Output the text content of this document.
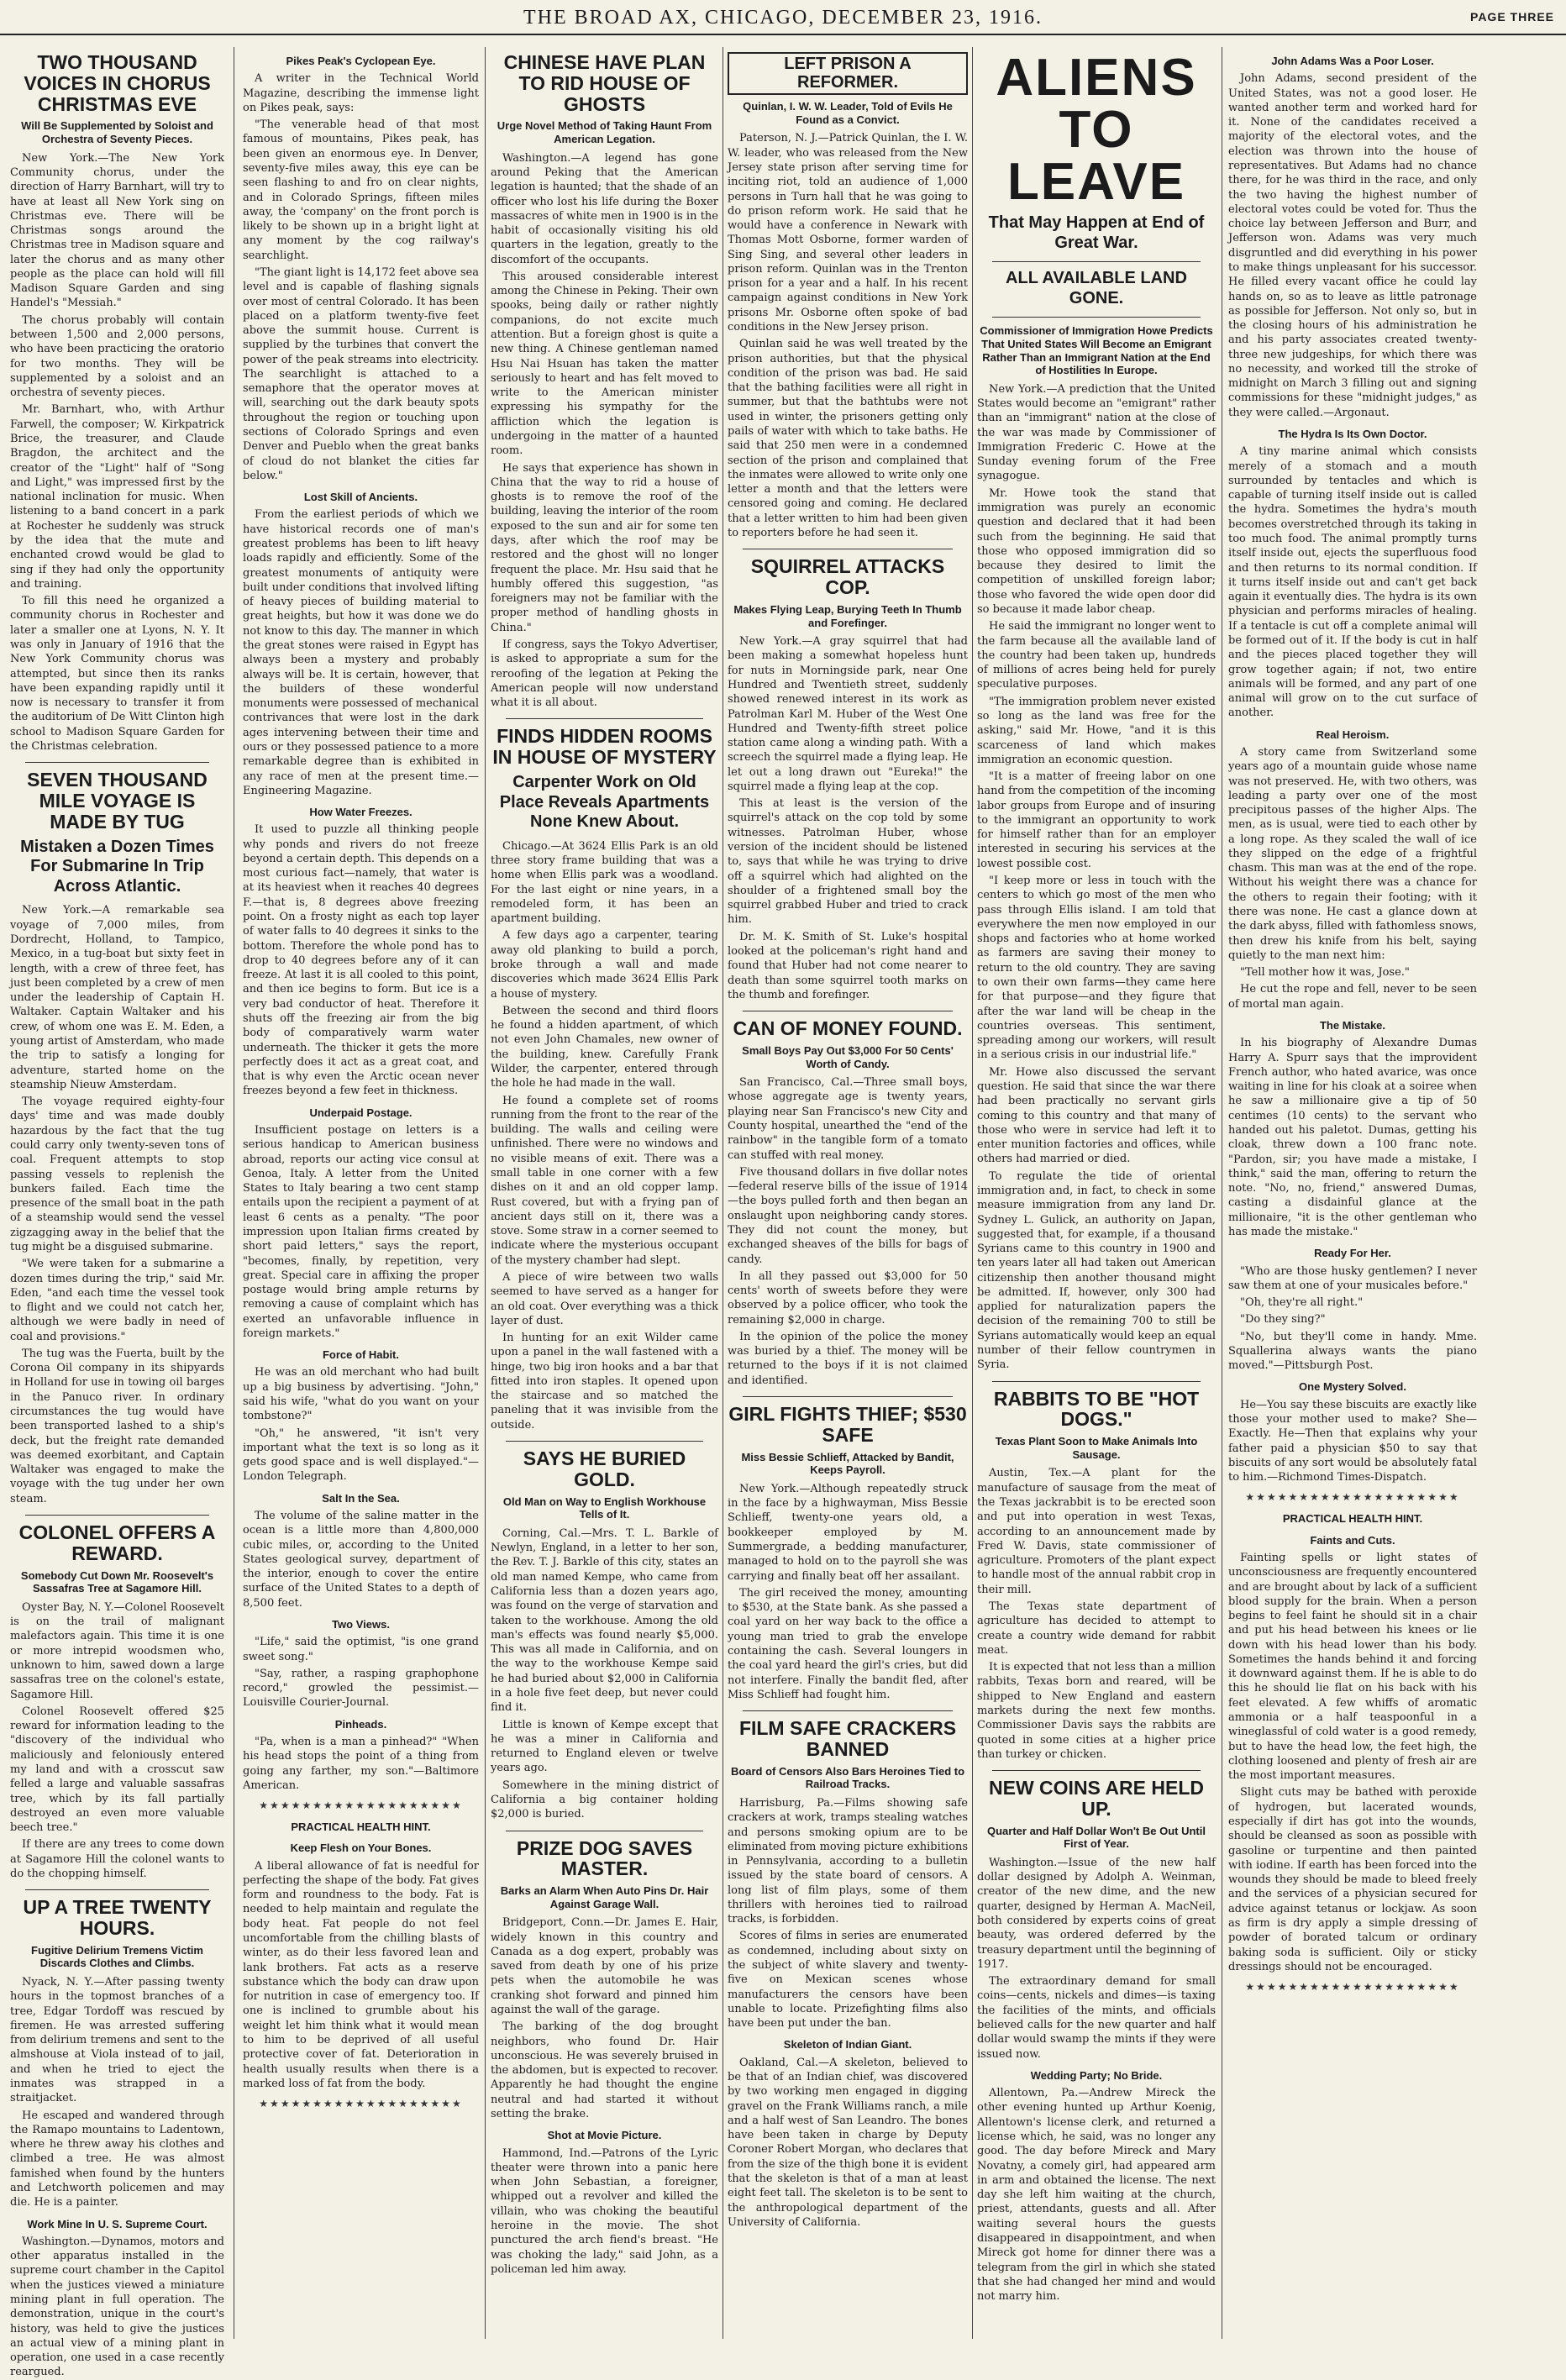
THE BROAD AX, CHICAGO, DECEMBER 23, 1916.	PAGE THREE
TWO THOUSAND VOICES IN CHORUS CHRISTMAS EVE
Will Be Supplemented by Soloist and Orchestra of Seventy Pieces.

New York.—The New York Community chorus, under the direction of Harry Barnhart, will try to have at least all New York sing on Christmas eve. There will be Christmas songs around the Christmas tree in Madison square and later the chorus and as many other people as the place can hold will fill Madison Square Garden and sing Handel's "Messiah."

The chorus probably will contain between 1,500 and 2,000 persons, who have been practicing the oratorio for two months. They will be supplemented by a soloist and an orchestra of seventy pieces.

Mr. Barnhart, who, with Arthur Farwell, the composer; W. Kirkpatrick Brice, the treasurer, and Claude Bragdon, the architect and the creator of the "Light" half of "Song and Light," was impressed first by the national inclination for music. When listening to a band concert in a park at Rochester he suddenly was struck by the idea that the mute and enchanted crowd would be glad to sing if they had only the opportunity and training.

To fill this need he organized a community chorus in Rochester and later a smaller one at Lyons, N. Y. It was only in January of 1916 that the New York Community chorus was attempted, but since then its ranks have been expanding rapidly until it now is necessary to transfer it from the auditorium of De Witt Clinton high school to Madison Square Garden for the Christmas celebration.

SEVEN THOUSAND MILE VOYAGE IS MADE BY TUG
Mistaken a Dozen Times For Submarine In Trip Across Atlantic.

New York.—A remarkable sea voyage of 7,000 miles, from Dordrecht, Holland, to Tampico, Mexico, in a tug-boat but sixty feet in length, with a crew of three feet, has just been completed by a crew of men under the leadership of Captain H. Waltaker. Captain Waltaker and his crew, of whom one was E. M. Eden, a young artist of Amsterdam, who made the trip to satisfy a longing for adventure, started home on the steamship Nieuw Amsterdam.

The voyage required eighty-four days' time and was made doubly hazardous by the fact that the tug could carry only twenty-seven tons of coal. Frequent attempts to stop passing vessels to replenish the bunkers failed. Each time the presence of the small boat in the path of a steamship would send the vessel zigzagging away in the belief that the tug might be a disguised submarine.

"We were taken for a submarine a dozen times during the trip," said Mr. Eden, "and each time the vessel took to flight and we could not catch her, although we were badly in need of coal and provisions."

The tug was the Fuerta, built by the Corona Oil company in its shipyards in Holland for use in towing oil barges in the Panuco river. In ordinary circumstances the tug would have been transported lashed to a ship's deck, but the freight rate demanded was deemed exorbitant, and Captain Waltaker was engaged to make the voyage with the tug under her own steam.

COLONEL OFFERS A REWARD.
Somebody Cut Down Mr. Roosevelt's Sassafras Tree at Sagamore Hill.

Oyster Bay, N. Y.—Colonel Roosevelt is on the trail of malignant malefactors again. This time it is one or more intrepid woodsmen who, unknown to him, sawed down a large sassafras tree on the colonel's estate, Sagamore Hill.

Colonel Roosevelt offered $25 reward for information leading to the "discovery of the individual who maliciously and feloniously entered my land and with a crosscut saw felled a large and valuable sassafras tree, which by its fall partially destroyed an even more valuable beech tree."

If there are any trees to come down at Sagamore Hill the colonel wants to do the chopping himself.

UP A TREE TWENTY HOURS.
Fugitive Delirium Tremens Victim Discards Clothes and Climbs.

Nyack, N. Y.—After passing twenty hours in the topmost branches of a tree, Edgar Tordoff was rescued by firemen. He was arrested suffering from delirium tremens and sent to the almshouse at Viola instead of to jail, and when he tried to eject the inmates was strapped in a straitjacket.

He escaped and wandered through the Ramapo mountains to Ladentown, where he threw away his clothes and climbed a tree. He was almost famished when found by the hunters and Letchworth policemen and may die. He is a painter.

Work Mine In U. S. Supreme Court.

Washington.—Dynamos, motors and other apparatus installed in the supreme court chamber in the Capitol when the justices viewed a miniature mining plant in full operation. The demonstration, unique in the court's history, was held to give the justices an actual view of a mining plant in operation, one used in a case recently reargued.

Pikes Peak's Cyclopean Eye.

A writer in the Technical World Magazine, describing the immense light on Pikes peak, says:

"The venerable head of that most famous of mountains, Pikes peak, has been given an enormous eye. In Denver, seventy-five miles away, this eye can be seen flashing to and fro on clear nights, and in Colorado Springs, fifteen miles away, the 'company' on the front porch is likely to be shown up in a bright light at any moment by the cog railway's searchlight.

"The giant light is 14,172 feet above sea level and is capable of flashing signals over most of central Colorado. It has been placed on a platform twenty-five feet above the summit house. Current is supplied by the turbines that convert the power of the peak streams into electricity. The searchlight is attached to a semaphore that the operator moves at will, searching out the dark beauty spots throughout the region or touching upon sections of Colorado Springs and even Denver and Pueblo when the great banks of cloud do not blanket the cities far below."

Lost Skill of Ancients.

From the earliest periods of which we have historical records one of man's greatest problems has been to lift heavy loads rapidly and efficiently. Some of the greatest monuments of antiquity were built under conditions that involved lifting of heavy pieces of building material to great heights, but how it was done we do not know to this day. The manner in which the great stones were raised in Egypt has always been a mystery and probably always will be. It is certain, however, that the builders of these wonderful monuments were possessed of mechanical contrivances that were lost in the dark ages intervening between their time and ours or they possessed patience to a more remarkable degree than is exhibited in any race of men at the present time.—Engineering Magazine.

How Water Freezes.

It used to puzzle all thinking people why ponds and rivers do not freeze beyond a certain depth. This depends on a most curious fact—namely, that water is at its heaviest when it reaches 40 degrees F.—that is, 8 degrees above freezing point. On a frosty night as each top layer of water falls to 40 degrees it sinks to the bottom. Therefore the whole pond has to drop to 40 degrees before any of it can freeze. At last it is all cooled to this point, and then ice begins to form. But ice is a very bad conductor of heat. Therefore it shuts off the freezing air from the big body of comparatively warm water underneath. The thicker it gets the more perfectly does it act as a great coat, and that is why even the Arctic ocean never freezes beyond a few feet in thickness.

Underpaid Postage.

Insufficient postage on letters is a serious handicap to American business abroad, reports our acting vice consul at Genoa, Italy. A letter from the United States to Italy bearing a two cent stamp entails upon the recipient a payment of at least 6 cents as a penalty. "The poor impression upon Italian firms created by short paid letters," says the report, "becomes, finally, by repetition, very great. Special care in affixing the proper postage would bring ample returns by removing a cause of complaint which has exerted an unfavorable influence in foreign markets."

Force of Habit.

He was an old merchant who had built up a big business by advertising. "John," said his wife, "what do you want on your tombstone?"

"Oh," he answered, "it isn't very important what the text is so long as it gets good space and is well displayed."—London Telegraph.

Salt In the Sea.

The volume of the saline matter in the ocean is a little more than 4,800,000 cubic miles, or, according to the United States geological survey, department of the interior, enough to cover the entire surface of the United States to a depth of 8,500 feet.

Two Views.

"Life," said the optimist, "is one grand sweet song."

"Say, rather, a rasping graphophone record," growled the pessimist.—Louisville Courier-Journal.

Pinheads.

"Pa, when is a man a pinhead?" "When his head stops the point of a thing from going any farther, my son."—Baltimore American.

★★★★★★★★★★★★★★★★★★★
PRACTICAL HEALTH HINT.
Keep Flesh on Your Bones.

A liberal allowance of fat is needful for perfecting the shape of the body. Fat gives form and roundness to the body. Fat is needed to help maintain and regulate the body heat. Fat people do not feel uncomfortable from the chilling blasts of winter, as do their less favored lean and lank brothers. Fat acts as a reserve substance which the body can draw upon for nutrition in case of emergency too. If one is inclined to grumble about his weight let him think what it would mean to him to be deprived of all useful protective cover of fat. Deterioration in health usually results when there is a marked loss of fat from the body.

★★★★★★★★★★★★★★★★★★★
CHINESE HAVE PLAN TO RID HOUSE OF GHOSTS
Urge Novel Method of Taking Haunt From American Legation.

Washington.—A legend has gone around Peking that the American legation is haunted; that the shade of an officer who lost his life during the Boxer massacres of white men in 1900 is in the habit of occasionally visiting his old quarters in the legation, greatly to the discomfort of the occupants.

This aroused considerable interest among the Chinese in Peking. Their own spooks, being daily or rather nightly companions, do not excite much attention. But a foreign ghost is quite a new thing. A Chinese gentleman named Hsu Nai Hsuan has taken the matter seriously to heart and has felt moved to write to the American minister expressing his sympathy for the affliction which the legation is undergoing in the matter of a haunted room.

He says that experience has shown in China that the way to rid a house of ghosts is to remove the roof of the building, leaving the interior of the room exposed to the sun and air for some ten days, after which the roof may be restored and the ghost will no longer frequent the place. Mr. Hsu said that he humbly offered this suggestion, "as foreigners may not be familiar with the proper method of handling ghosts in China."

If congress, says the Tokyo Advertiser, is asked to appropriate a sum for the reroofing of the legation at Peking the American people will now understand what it is all about.

FINDS HIDDEN ROOMS IN HOUSE OF MYSTERY
Carpenter Work on Old Place Reveals Apartments None Knew About.

Chicago.—At 3624 Ellis Park is an old three story frame building that was a home when Ellis park was a woodland. For the last eight or nine years, in a remodeled form, it has been an apartment building.

A few days ago a carpenter, tearing away old planking to build a porch, broke through a wall and made discoveries which made 3624 Ellis Park a house of mystery.

Between the second and third floors he found a hidden apartment, of which not even John Chamales, new owner of the building, knew. Carefully Frank Wilder, the carpenter, entered through the hole he had made in the wall.

He found a complete set of rooms running from the front to the rear of the building. The walls and ceiling were unfinished. There were no windows and no visible means of exit. There was a small table in one corner with a few dishes on it and an old copper lamp. Rust covered, but with a frying pan of ancient days still on it, there was a stove. Some straw in a corner seemed to indicate where the mysterious occupant of the mystery chamber had slept.

A piece of wire between two walls seemed to have served as a hanger for an old coat. Over everything was a thick layer of dust.

In hunting for an exit Wilder came upon a panel in the wall fastened with a hinge, two big iron hooks and a bar that fitted into iron staples. It opened upon the staircase and so matched the paneling that it was invisible from the outside.

SAYS HE BURIED GOLD.
Old Man on Way to English Workhouse Tells of It.

Corning, Cal.—Mrs. T. L. Barkle of Newlyn, England, in a letter to her son, the Rev. T. J. Barkle of this city, states an old man named Kempe, who came from California less than a dozen years ago, was found on the verge of starvation and taken to the workhouse. Among the old man's effects was found nearly $5,000. This was all made in California, and on the way to the workhouse Kempe said he had buried about $2,000 in California in a hole five feet deep, but never could find it.

Little is known of Kempe except that he was a miner in California and returned to England eleven or twelve years ago.

Somewhere in the mining district of California a big container holding $2,000 is buried.

PRIZE DOG SAVES MASTER.
Barks an Alarm When Auto Pins Dr. Hair Against Garage Wall.

Bridgeport, Conn.—Dr. James E. Hair, widely known in this country and Canada as a dog expert, probably was saved from death by one of his prize pets when the automobile he was cranking shot forward and pinned him against the wall of the garage.

The barking of the dog brought neighbors, who found Dr. Hair unconscious. He was severely bruised in the abdomen, but is expected to recover. Apparently he had thought the engine neutral and had started it without setting the brake.

Shot at Movie Picture.

Hammond, Ind.—Patrons of the Lyric theater were thrown into a panic here when John Sebastian, a foreigner, whipped out a revolver and killed the villain, who was choking the beautiful heroine in the movie. The shot punctured the arch fiend's breast. "He was choking the lady," said John, as a policeman led him away.

LEFT PRISON A REFORMER.
Quinlan, I. W. W. Leader, Told of Evils He Found as a Convict.

Paterson, N. J.—Patrick Quinlan, the I. W. W. leader, who was released from the New Jersey state prison after serving time for inciting riot, told an audience of 1,000 persons in Turn hall that he was going to do prison reform work. He said that he would have a conference in Newark with Thomas Mott Osborne, former warden of Sing Sing, and several other leaders in prison reform. Quinlan was in the Trenton prison for a year and a half. In his recent campaign against conditions in New York prisons Mr. Osborne often spoke of bad conditions in the New Jersey prison.

Quinlan said he was well treated by the prison authorities, but that the physical condition of the prison was bad. He said that the bathing facilities were all right in summer, but that the bathtubs were not used in winter, the prisoners getting only pails of water with which to take baths. He said that 250 men were in a condemned section of the prison and complained that the inmates were allowed to write only one letter a month and that the letters were censored going and coming. He declared that a letter written to him had been given to reporters before he had seen it.

SQUIRREL ATTACKS COP.
Makes Flying Leap, Burying Teeth In Thumb and Forefinger.

New York.—A gray squirrel that had been making a somewhat hopeless hunt for nuts in Morningside park, near One Hundred and Twentieth street, suddenly showed renewed interest in its work as Patrolman Karl M. Huber of the West One Hundred and Twenty-fifth street police station came along a winding path. With a screech the squirrel made a flying leap. He let out a long drawn out "Eureka!" the squirrel made a flying leap at the cop.

This at least is the version of the squirrel's attack on the cop told by some witnesses. Patrolman Huber, whose version of the incident should be listened to, says that while he was trying to drive off a squirrel which had alighted on the shoulder of a frightened small boy the squirrel grabbed Huber and tried to crack him.

Dr. M. K. Smith of St. Luke's hospital looked at the policeman's right hand and found that Huber had not come nearer to death than some squirrel tooth marks on the thumb and forefinger.

CAN OF MONEY FOUND.
Small Boys Pay Out $3,000 For 50 Cents' Worth of Candy.

San Francisco, Cal.—Three small boys, whose aggregate age is twenty years, playing near San Francisco's new City and County hospital, unearthed the "end of the rainbow" in the tangible form of a tomato can stuffed with real money.

Five thousand dollars in five dollar notes—federal reserve bills of the issue of 1914—the boys pulled forth and then began an onslaught upon neighboring candy stores. They did not count the money, but exchanged sheaves of the bills for bags of candy.

In all they passed out $3,000 for 50 cents' worth of sweets before they were observed by a police officer, who took the remaining $2,000 in charge.

In the opinion of the police the money was buried by a thief. The money will be returned to the boys if it is not claimed and identified.

GIRL FIGHTS THIEF; $530 SAFE
Miss Bessie Schlieff, Attacked by Bandit, Keeps Payroll.

New York.—Although repeatedly struck in the face by a highwayman, Miss Bessie Schlieff, twenty-one years old, a bookkeeper employed by M. Summergrade, a bedding manufacturer, managed to hold on to the payroll she was carrying and finally beat off her assailant.

The girl received the money, amounting to $530, at the State bank. As she passed a coal yard on her way back to the office a young man tried to grab the envelope containing the cash. Several loungers in the coal yard heard the girl's cries, but did not interfere. Finally the bandit fled, after Miss Schlieff had fought him.

FILM SAFE CRACKERS BANNED
Board of Censors Also Bars Heroines Tied to Railroad Tracks.

Harrisburg, Pa.—Films showing safe crackers at work, tramps stealing watches and persons smoking opium are to be eliminated from moving picture exhibitions in Pennsylvania, according to a bulletin issued by the state board of censors. A long list of film plays, some of them thrillers with heroines tied to railroad tracks, is forbidden.

Scores of films in series are enumerated as condemned, including about sixty on the subject of white slavery and twenty-five on Mexican scenes whose manufacturers the censors have been unable to locate. Prizefighting films also have been put under the ban.

Skeleton of Indian Giant.

Oakland, Cal.—A skeleton, believed to be that of an Indian chief, was discovered by two working men engaged in digging gravel on the Frank Williams ranch, a mile and a half west of San Leandro. The bones have been taken in charge by Deputy Coroner Robert Morgan, who declares that from the size of the thigh bone it is evident that the skeleton is that of a man at least eight feet tall. The skeleton is to be sent to the anthropological department of the University of California.

ALIENS TO LEAVE
That May Happen at End of Great War.
ALL AVAILABLE LAND GONE.
Commissioner of Immigration Howe Predicts That United States Will Become an Emigrant Rather Than an Immigrant Nation at the End of Hostilities In Europe.

New York.—A prediction that the United States would become an "emigrant" rather than an "immigrant" nation at the close of the war was made by Commissioner of Immigration Frederic C. Howe at the Sunday evening forum of the Free synagogue.

Mr. Howe took the stand that immigration was purely an economic question and declared that it had been such from the beginning. He said that those who opposed immigration did so because they desired to limit the competition of unskilled foreign labor; those who favored the wide open door did so because it made labor cheap.

He said the immigrant no longer went to the farm because all the available land of the country had been taken up, hundreds of millions of acres being held for purely speculative purposes.

"The immigration problem never existed so long as the land was free for the asking," said Mr. Howe, "and it is this scarceness of land which makes immigration an economic question.

"It is a matter of freeing labor on one hand from the competition of the incoming labor groups from Europe and of insuring to the immigrant an opportunity to work for himself rather than for an employer interested in securing his services at the lowest possible cost.

"I keep more or less in touch with the centers to which go most of the men who pass through Ellis island. I am told that everywhere the men now employed in our shops and factories who at home worked as farmers are saving their money to return to the old country. They are saving to own their own farms—they came here for that purpose—and they figure that after the war land will be cheap in the countries overseas. This sentiment, spreading among our workers, will result in a serious crisis in our industrial life."

Mr. Howe also discussed the servant question. He said that since the war there had been practically no servant girls coming to this country and that many of those who were in service had left it to enter munition factories and offices, while others had married or died.

To regulate the tide of oriental immigration and, in fact, to check in some measure immigration from any land Dr. Sydney L. Gulick, an authority on Japan, suggested that, for example, if a thousand Syrians came to this country in 1900 and ten years later all had taken out American citizenship then another thousand might be admitted. If, however, only 300 had applied for naturalization papers the decision of the remaining 700 to still be Syrians automatically would keep an equal number of their fellow countrymen in Syria.

RABBITS TO BE "HOT DOGS."
Texas Plant Soon to Make Animals Into Sausage.

Austin, Tex.—A plant for the manufacture of sausage from the meat of the Texas jackrabbit is to be erected soon and put into operation in west Texas, according to an announcement made by Fred W. Davis, state commissioner of agriculture. Promoters of the plant expect to handle most of the annual rabbit crop in their mill.

The Texas state department of agriculture has decided to attempt to create a country wide demand for rabbit meat.

It is expected that not less than a million rabbits, Texas born and reared, will be shipped to New England and eastern markets during the next few months. Commissioner Davis says the rabbits are quoted in some cities at a higher price than turkey or chicken.

NEW COINS ARE HELD UP.
Quarter and Half Dollar Won't Be Out Until First of Year.

Washington.—Issue of the new half dollar designed by Adolph A. Weinman, creator of the new dime, and the new quarter, designed by Herman A. MacNeil, both considered by experts coins of great beauty, was ordered deferred by the treasury department until the beginning of 1917.

The extraordinary demand for small coins—cents, nickels and dimes—is taxing the facilities of the mints, and officials believed calls for the new quarter and half dollar would swamp the mints if they were issued now.

Wedding Party; No Bride.

Allentown, Pa.—Andrew Mireck the other evening hunted up Arthur Koenig, Allentown's license clerk, and returned a license which, he said, was no longer any good. The day before Mireck and Mary Novatny, a comely girl, had appeared arm in arm and obtained the license. The next day she left him waiting at the church, priest, attendants, guests and all. After waiting several hours the guests disappeared in disappointment, and when Mireck got home for dinner there was a telegram from the girl in which she stated that she had changed her mind and would not marry him.

John Adams Was a Poor Loser.

John Adams, second president of the United States, was not a good loser. He wanted another term and worked hard for it. None of the candidates received a majority of the electoral votes, and the election was thrown into the house of representatives. But Adams had no chance there, for he was third in the race, and only the two having the highest number of electoral votes could be voted for. Thus the choice lay between Jefferson and Burr, and Jefferson won. Adams was very much disgruntled and did everything in his power to make things unpleasant for his successor. He filled every vacant office he could lay hands on, so as to leave as little patronage as possible for Jefferson. Not only so, but in the closing hours of his administration he and his party associates created twenty-three new judgeships, for which there was no necessity, and worked till the stroke of midnight on March 3 filling out and signing commissions for these "midnight judges," as they were called.—Argonaut.

The Hydra Is Its Own Doctor.

A tiny marine animal which consists merely of a stomach and a mouth surrounded by tentacles and which is capable of turning itself inside out is called the hydra. Sometimes the hydra's mouth becomes overstretched through its taking in too much food. The animal promptly turns itself inside out, ejects the superfluous food and then returns to its normal condition. If it turns itself inside out and can't get back again it eventually dies. The hydra is its own physician and performs miracles of healing. If a tentacle is cut off a complete animal will be formed out of it. If the body is cut in half and the pieces placed together they will grow together again; if not, two entire animals will be formed, and any part of one animal will grow on to the cut surface of another.

Real Heroism.

A story came from Switzerland some years ago of a mountain guide whose name was not preserved. He, with two others, was leading a party over one of the most precipitous passes of the higher Alps. The men, as is usual, were tied to each other by a long rope. As they scaled the wall of ice they slipped on the edge of a frightful chasm. This man was at the end of the rope. Without his weight there was a chance for the others to regain their footing; with it there was none. He cast a glance down at the dark abyss, filled with fathomless snows, then drew his knife from his belt, saying quietly to the man next him:

"Tell mother how it was, Jose."

He cut the rope and fell, never to be seen of mortal man again.

The Mistake.

In his biography of Alexandre Dumas Harry A. Spurr says that the improvident French author, who hated avarice, was once waiting in line for his cloak at a soiree when he saw a millionaire give a tip of 50 centimes (10 cents) to the servant who handed out his paletot. Dumas, getting his cloak, threw down a 100 franc note. "Pardon, sir; you have made a mistake, I think," said the man, offering to return the note. "No, no, friend," answered Dumas, casting a disdainful glance at the millionaire, "it is the other gentleman who has made the mistake."

Ready For Her.

"Who are those husky gentlemen? I never saw them at one of your musicales before."

"Oh, they're all right."

"Do they sing?"

"No, but they'll come in handy. Mme. Squallerina always wants the piano moved."—Pittsburgh Post.

One Mystery Solved.

He—You say these biscuits are exactly like those your mother used to make? She—Exactly. He—Then that explains why your father paid a physician $50 to say that biscuits of any sort would be absolutely fatal to him.—Richmond Times-Dispatch.

★★★★★★★★★★★★★★★★★★★★
PRACTICAL HEALTH HINT.
Faints and Cuts.

Fainting spells or light states of unconsciousness are frequently encountered and are brought about by lack of a sufficient blood supply for the brain. When a person begins to feel faint he should sit in a chair and put his head between his knees or lie down with his head lower than his body. Sometimes the hands behind it and forcing it downward against them. If he is able to do this he should lie flat on his back with his feet elevated. A few whiffs of aromatic ammonia or a half teaspoonful in a wineglassful of cold water is a good remedy, but to have the head low, the feet high, the clothing loosened and plenty of fresh air are the most important measures.

Slight cuts may be bathed with peroxide of hydrogen, but lacerated wounds, especially if dirt has got into the wounds, should be cleansed as soon as possible with gasoline or turpentine and then painted with iodine. If earth has been forced into the wounds they should be made to bleed freely and the services of a physician secured for advice against tetanus or lockjaw. As soon as firm is dry apply a simple dressing of powder of borated talcum or ordinary baking soda is sufficient. Oily or sticky dressings should not be encouraged.

★★★★★★★★★★★★★★★★★★★★
